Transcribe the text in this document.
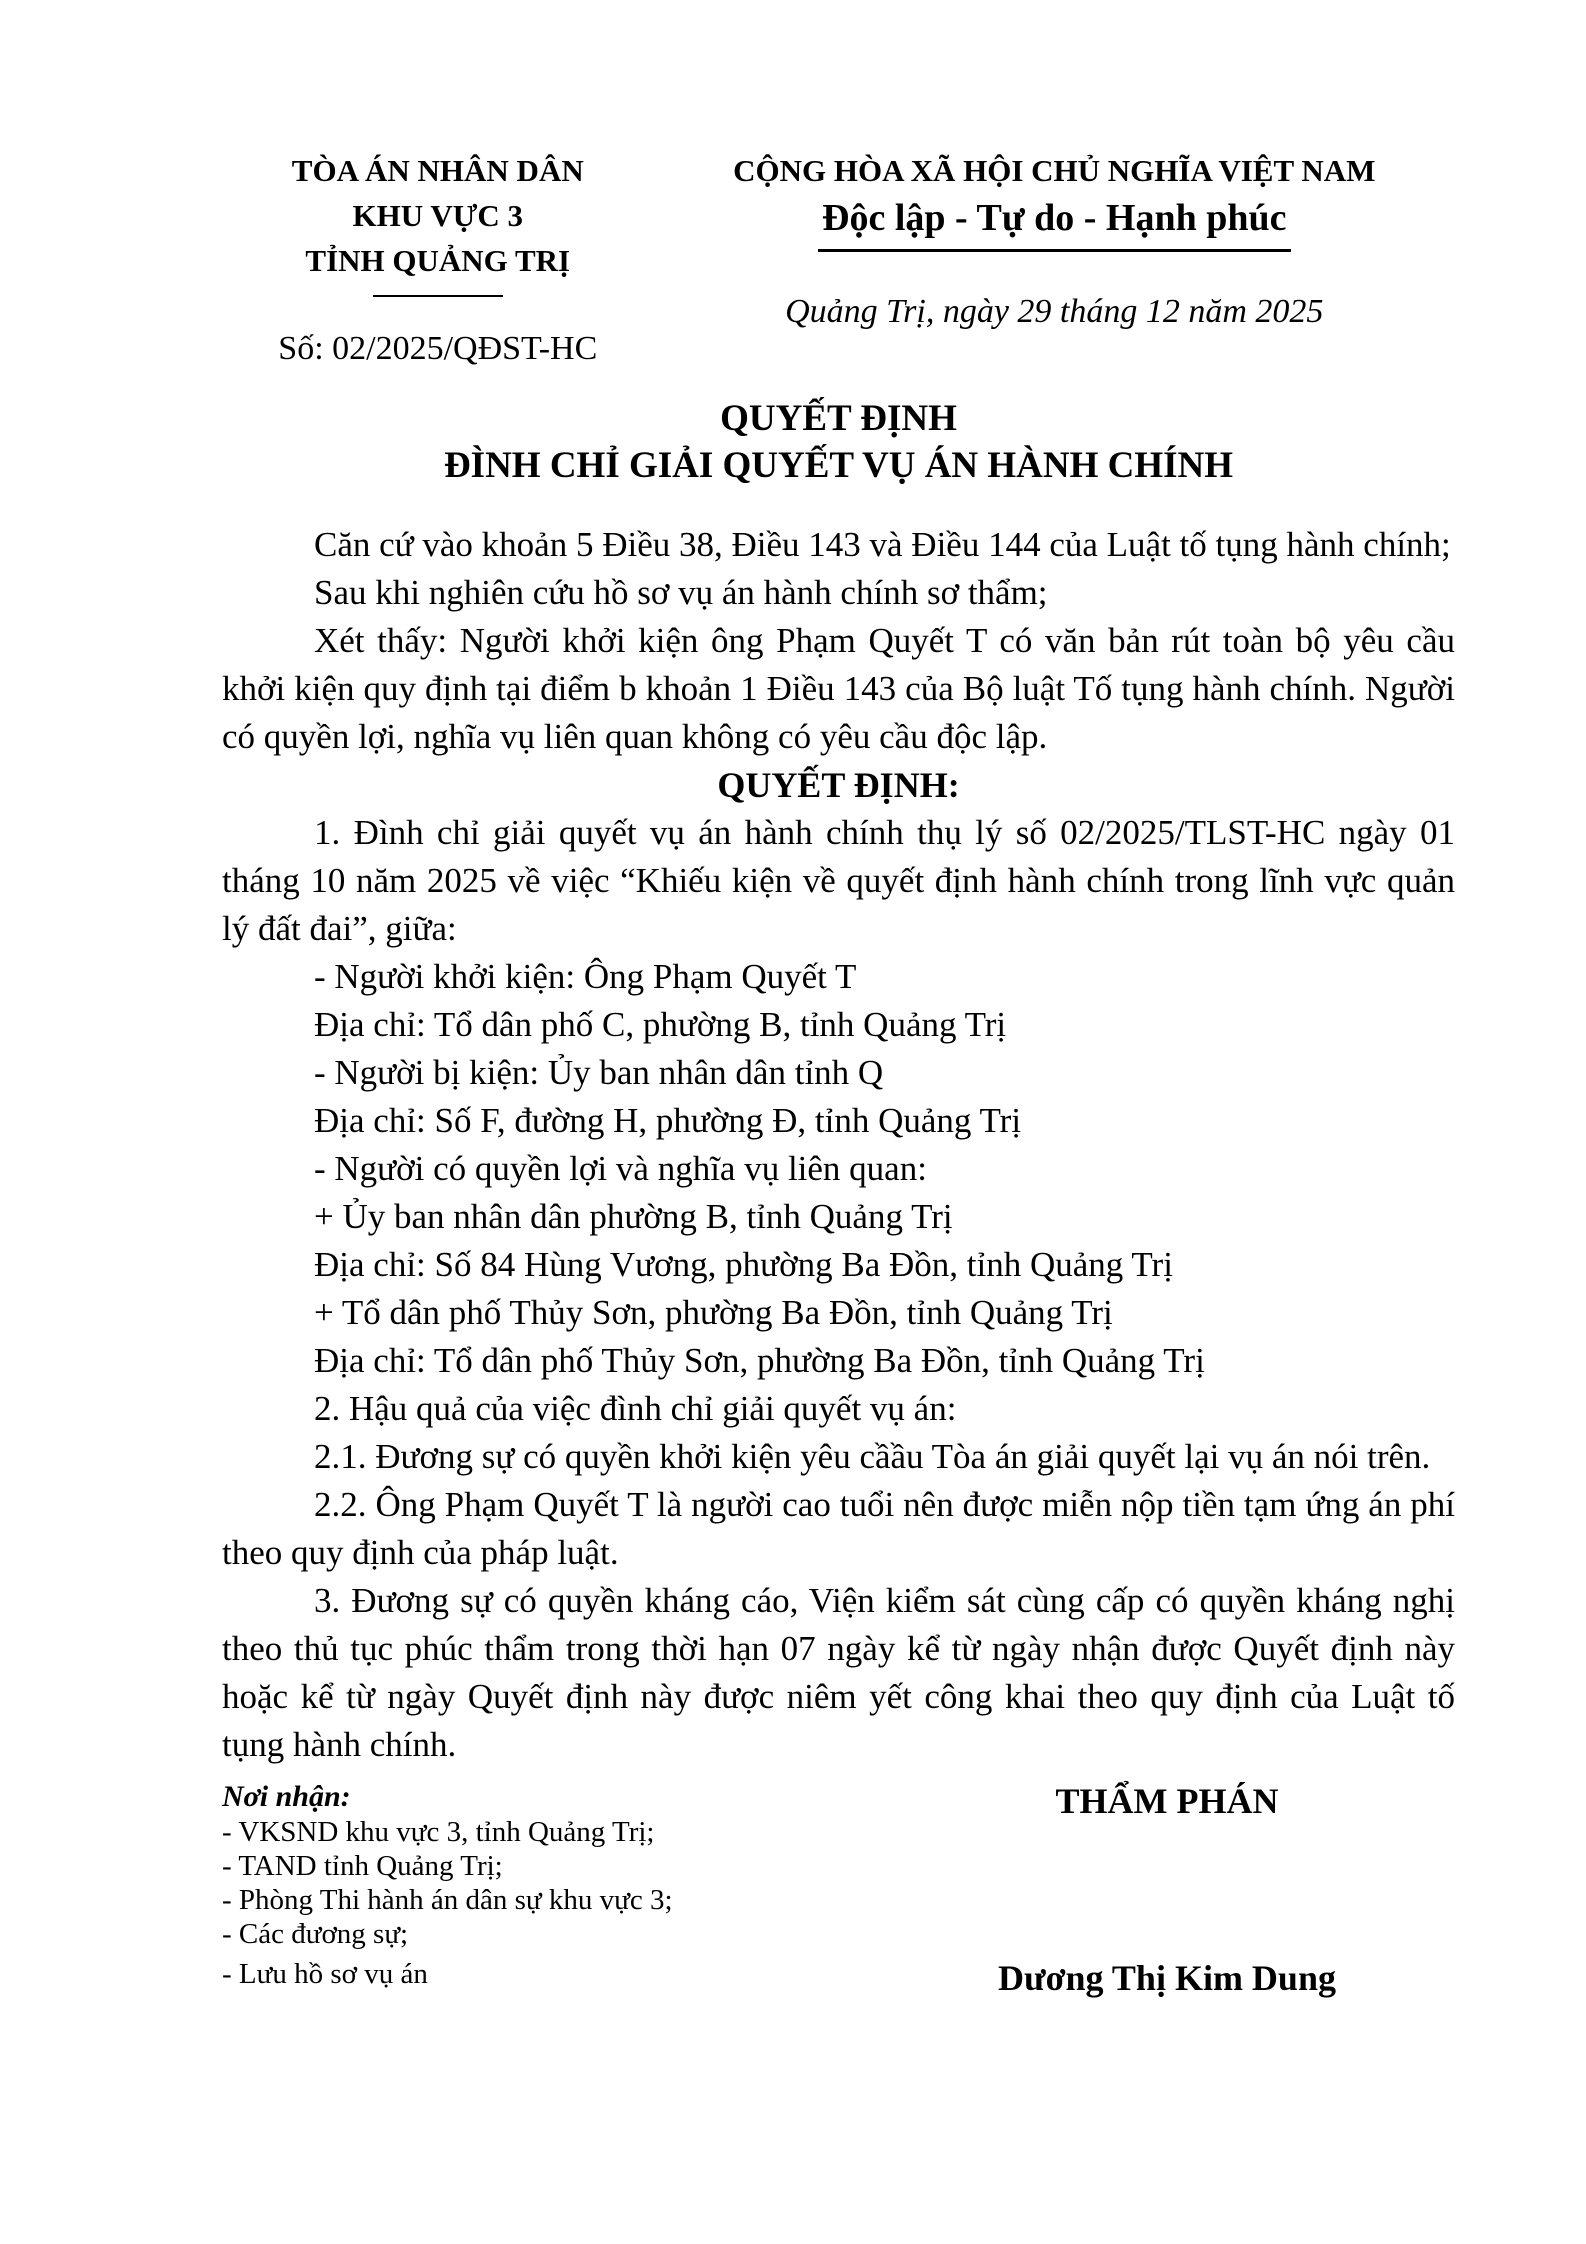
TÒA ÁN NHÂN DÂN
KHU VỰC 3
TỈNH QUẢNG TRỊ
Số: 02/2025/QĐST-HC
CỘNG HÒA XÃ HỘI CHỦ NGHĨA VIỆT NAM
Độc lập - Tự do - Hạnh phúc
Quảng Trị, ngày 29 tháng 12 năm 2025
QUYẾT ĐỊNH
ĐÌNH CHỈ GIẢI QUYẾT VỤ ÁN HÀNH CHÍNH

Căn cứ vào khoản 5 Điều 38, Điều 143 và Điều 144 của Luật tố tụng hành chính;

Sau khi nghiên cứu hồ sơ vụ án hành chính sơ thẩm;

Xét thấy: Người khởi kiện ông Phạm Quyết T có văn bản rút toàn bộ yêu cầu khởi kiện quy định tại điểm b khoản 1 Điều 143 của Bộ luật Tố tụng hành chính. Người có quyền lợi, nghĩa vụ liên quan không có yêu cầu độc lập.

QUYẾT ĐỊNH:

1. Đình chỉ giải quyết vụ án hành chính thụ lý số 02/2025/TLST-HC ngày 01 tháng 10 năm 2025 về việc “Khiếu kiện về quyết định hành chính trong lĩnh vực quản lý đất đai”, giữa:

- Người khởi kiện: Ông Phạm Quyết T

Địa chỉ: Tổ dân phố C, phường B, tỉnh Quảng Trị

- Người bị kiện: Ủy ban nhân dân tỉnh Q

Địa chỉ: Số F, đường H, phường Đ, tỉnh Quảng Trị

- Người có quyền lợi và nghĩa vụ liên quan:

+ Ủy ban nhân dân phường B, tỉnh Quảng Trị

Địa chỉ: Số 84 Hùng Vương, phường Ba Đồn, tỉnh Quảng Trị

+ Tổ dân phố Thủy Sơn, phường Ba Đồn, tỉnh Quảng Trị

Địa chỉ: Tổ dân phố Thủy Sơn, phường Ba Đồn, tỉnh Quảng Trị

2. Hậu quả của việc đình chỉ giải quyết vụ án:

2.1. Đương sự có quyền khởi kiện yêu cầầu Tòa án giải quyết lại vụ án nói trên.

2.2. Ông Phạm Quyết T là người cao tuổi nên được miễn nộp tiền tạm ứng án phí theo quy định của pháp luật.

3. Đương sự có quyền kháng cáo, Viện kiểm sát cùng cấp có quyền kháng nghị theo thủ tục phúc thẩm trong thời hạn 07 ngày kể từ ngày nhận được Quyết định này hoặc kể từ ngày Quyết định này được niêm yết công khai theo quy định của Luật tố tụng hành chính.

Nơi nhận:
- VKSND khu vực 3, tỉnh Quảng Trị;
- TAND tỉnh Quảng Trị;
- Phòng Thi hành án dân sự khu vực 3;
- Các đương sự;
- Lưu hồ sơ vụ án
THẨM PHÁN
Dương Thị Kim Dung
